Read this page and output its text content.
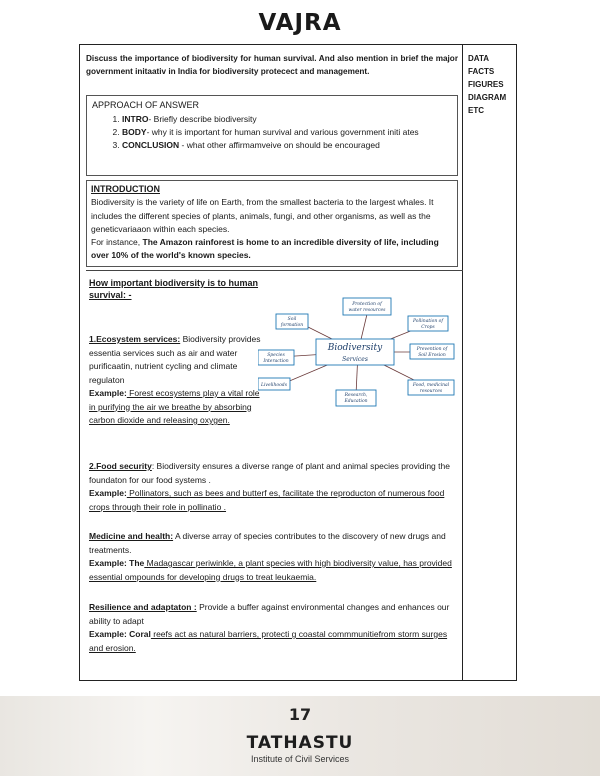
VAJRA
DATA
FACTS
FIGURES
DIAGRAM
ETC
Discuss the importance of biodiversity for human survival. And also mention in brief the major government initaativ in India for biodiversity protecect and management.
APPROACH OF ANSWER
1. INTRO- Briefly describe biodiversity
2. BODY- why it is important for human survival and various government initi ates
3. CONCLUSION - what other affirmamveive on should be encouraged
INTRODUCTION

Biodiversity is the variety of life on Earth, from the smallest bacteria to the largest whales. It includes the different species of plants, animals, fungi, and other organisms, as well as the geneticvariaaon within each species.

For instance, The Amazon rainforest is home to an incredible diversity of life, including over 10% of the world's known species.

How important biodiversity is to human survival: -
Biodiversity
Services
Protection of
water resources
Soil
formation
Pollination of
Crops
Species
Interaction
Prevention of
Soil Erosion
Livelihoods	Food, medicinal
resources
Research,
Education
1.Ecosystem services: Biodiversity provides essentia services such as air and water purificaatin, nutrient cycling and climate regulaton
Example: Forest ecosystems play a vital role in purifying the air we breathe by absorbing carbon dioxide and releasing oxygen.
2.Food security: Biodiversity ensures a diverse range of plant and animal species providing the foundaton for our food systems .
Example: Pollinators, such as bees and butterf es, facilitate the reproducton of numerous food crops through their role in pollinatio .
Medicine and health: A diverse array of species contributes to the discovery of new drugs and treatments.
Example: The Madagascar periwinkle, a plant species with high biodiversity value, has provided essential ompounds for developing drugs to treat leukaemia.
Resilience and adaptaton : Provide a buffer against environmental changes and enhances our ability to adapt
Example: Coral reefs act as natural barriers, protecti g coastal commmunitiefrom storm surges and erosion.
17
TATHASTU
Institute of Civil Services
